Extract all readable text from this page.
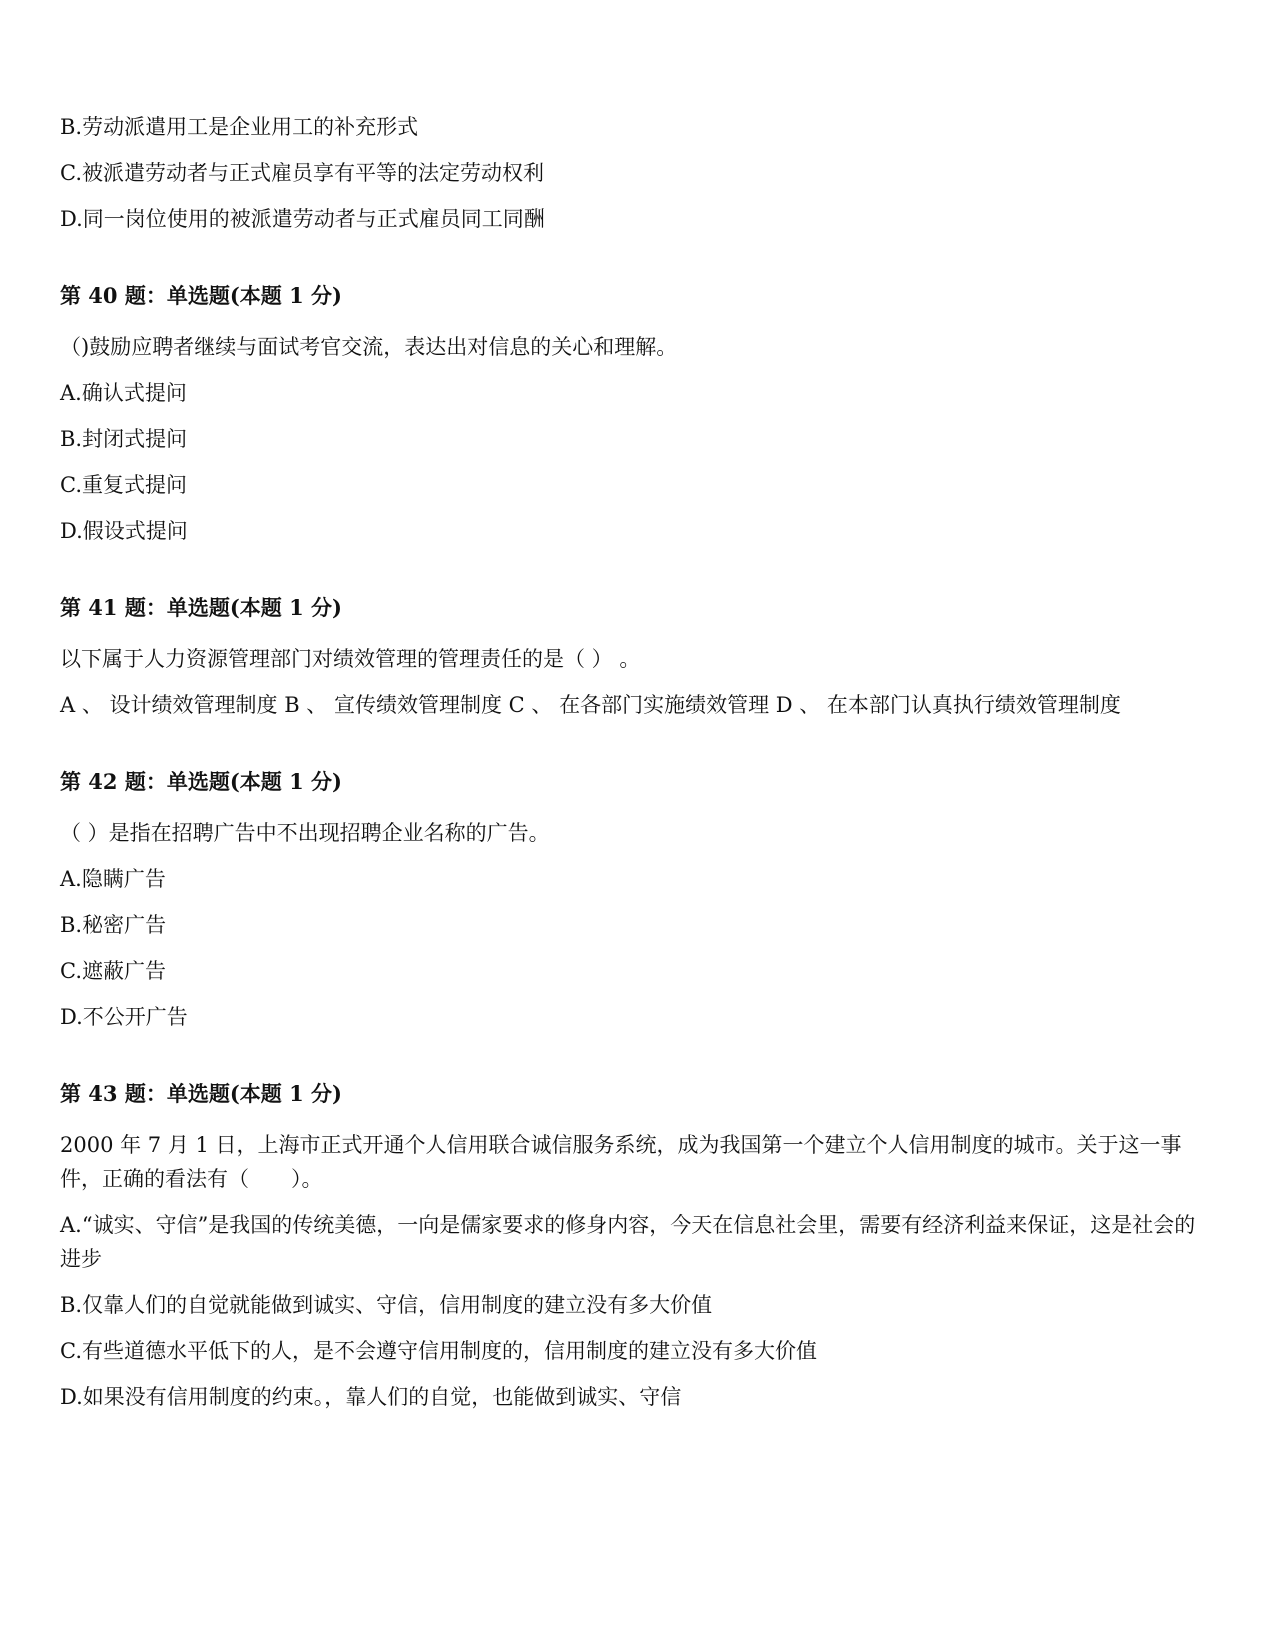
B.劳动派遣用工是企业用工的补充形式

C.被派遣劳动者与正式雇员享有平等的法定劳动权利

D.同一岗位使用的被派遣劳动者与正式雇员同工同酬

第 40 题：单选题(本题 1 分)

（)鼓励应聘者继续与面试考官交流，表达出对信息的关心和理解。

A.确认式提问

B.封闭式提问

C.重复式提问

D.假设式提问

第 41 题：单选题(本题 1 分)

以下属于人力资源管理部门对绩效管理的管理责任的是（ ） 。

A 、 设计绩效管理制度 B 、 宣传绩效管理制度 C 、 在各部门实施绩效管理 D 、 在本部门认真执行绩效管理制度

第 42 题：单选题(本题 1 分)

（ ）是指在招聘广告中不出现招聘企业名称的广告。

A.隐瞒广告

B.秘密广告

C.遮蔽广告

D.不公开广告

第 43 题：单选题(本题 1 分)

2000 年 7 月 1 日，上海市正式开通个人信用联合诚信服务系统，成为我国第一个建立个人信用制度的城市。关于这一事件，正确的看法有（　　）。

A.“诚实、守信”是我国的传统美德，一向是儒家要求的修身内容，今天在信息社会里，需要有经济利益来保证，这是社会的进步

B.仅靠人们的自觉就能做到诚实、守信，信用制度的建立没有多大价值

C.有些道德水平低下的人，是不会遵守信用制度的，信用制度的建立没有多大价值

D.如果没有信用制度的约束。，靠人们的自觉，也能做到诚实、守信
